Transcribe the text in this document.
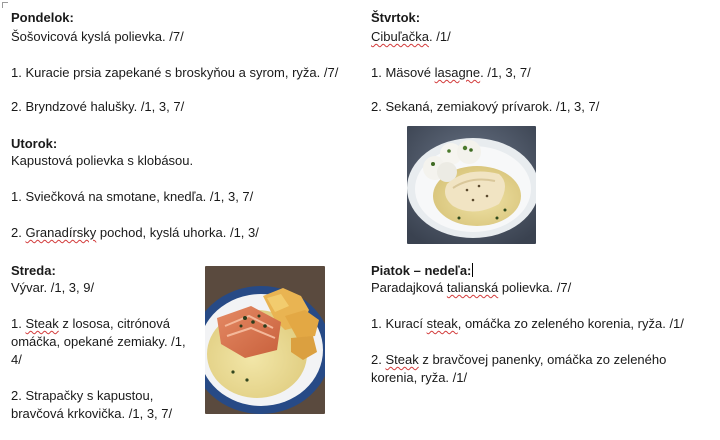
Pondelok:
Šošovicová kyslá polievka. /7/
1. Kuracie prsia zapekané s broskyňou a syrom, ryža. /7/
2. Bryndzové halušky. /1, 3, 7/
Utorok:
Kapustová polievka s klobásou.
1. Sviečková na smotane, knedľa. /1, 3, 7/
2. Granadírsky pochod, kyslá uhorka. /1, 3/
Streda:
Vývar. /1, 3, 9/
1. Steak z lososa, citrónová
omáčka, opekané zemiaky. /1,
4/
2. Strapačky s kapustou,
bravčová krkovička. /1, 3, 7/
Štvrtok:
Cibuľačka. /1/
1. Mäsové lasagne. /1, 3, 7/
2. Sekaná, zemiakový prívarok. /1, 3, 7/
Piatok – nedeľa:
Paradajková talianská polievka. /7/
1. Kurací steak, omáčka zo zeleného korenia, ryža. /1/
2. Steak z bravčovej panenky, omáčka zo zeleného
korenia, ryža. /1/
